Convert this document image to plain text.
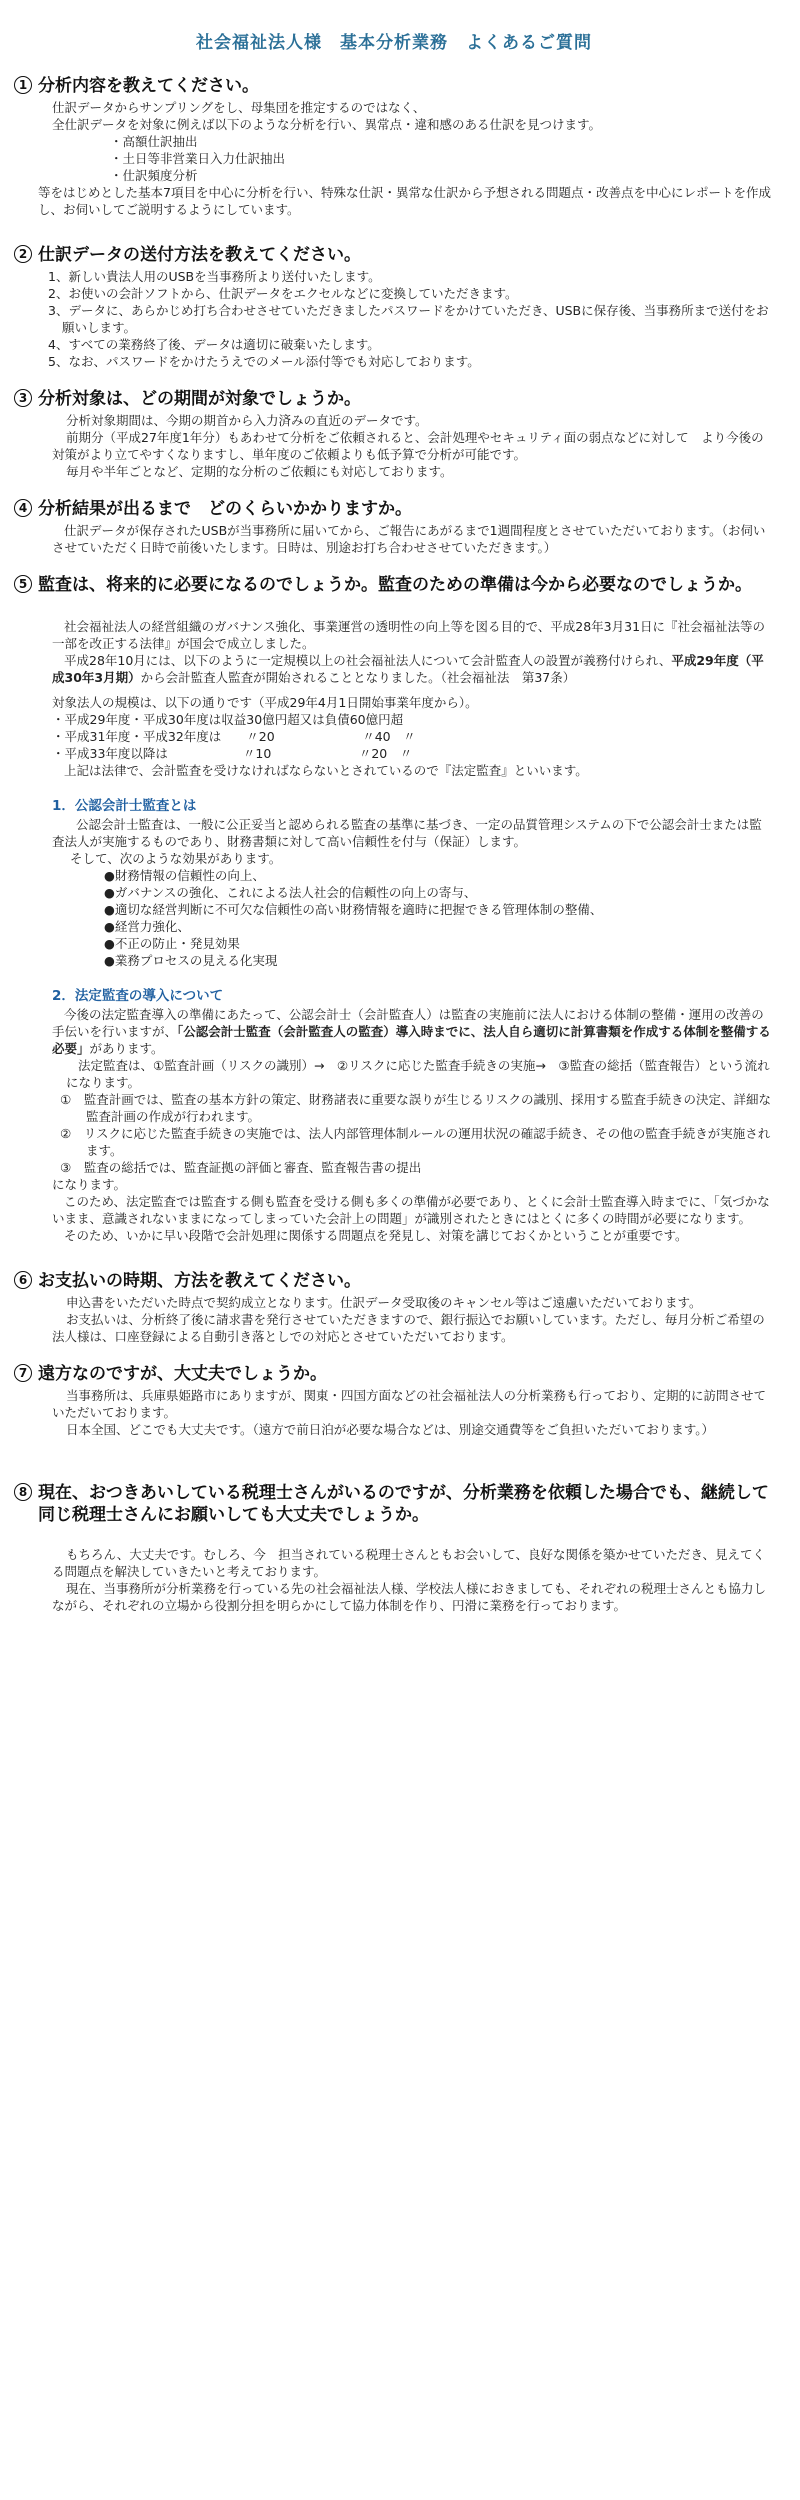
社会福祉法人様　基本分析業務　よくあるご質問
1 分析内容を教えてください。

仕訳データからサンプリングをし、母集団を推定するのではなく、

全仕訳データを対象に例えば以下のような分析を行い、異常点・違和感のある仕訳を見つけます。

・高額仕訳抽出
・土日等非営業日入力仕訳抽出
・仕訳頻度分析

等をはじめとした基本7項目を中心に分析を行い、特殊な仕訳・異常な仕訳から予想される問題点・改善点を中心にレポートを作成し、お伺いしてご説明するようにしています。

2 仕訳データの送付方法を教えてください。

1、新しい貴法人用のUSBを当事務所より送付いたします。

2、お使いの会計ソフトから、仕訳データをエクセルなどに変換していただきます。

3、データに、あらかじめ打ち合わせさせていただきましたパスワードをかけていただき、USBに保存後、当事務所まで送付をお願いします。

4、すべての業務終了後、データは適切に破棄いたします。

5、なお、パスワードをかけたうえでのメール添付等でも対応しております。

3 分析対象は、どの期間が対象でしょうか。

分析対象期間は、今期の期首から入力済みの直近のデータです。

前期分（平成27年度1年分）もあわせて分析をご依頼されると、会計処理やセキュリティ面の弱点などに対して　より今後の対策がより立てやすくなりますし、単年度のご依頼よりも低予算で分析が可能です。

毎月や半年ごとなど、定期的な分析のご依頼にも対応しております。

4 分析結果が出るまで　どのくらいかかりますか。

仕訳データが保存されたUSBが当事務所に届いてから、ご報告にあがるまで1週間程度とさせていただいております。（お伺いさせていただく日時で前後いたします。日時は、別途お打ち合わせさせていただきます。）

5 監査は、将来的に必要になるのでしょうか。監査のための準備は今から必要なのでしょうか。

社会福祉法人の経営組織のガバナンス強化、事業運営の透明性の向上等を図る目的で、平成28年3月31日に『社会福祉法等の一部を改正する法律』が国会で成立しました。

平成28年10月には、以下のように一定規模以上の社会福祉法人について会計監査人の設置が義務付けられ、平成29年度（平成30年3月期）から会計監査人監査が開始されることとなりました。（社会福祉法　第37条）

対象法人の規模は、以下の通りです（平成29年4月1日開始事業年度から）。

・平成29年度・平成30年度は収益30億円超又は負債60億円超

・平成31年度・平成32年度は　　〃20　　　　　　　〃40　〃

・平成33年度以降は　　　　　　〃10　　　　　　　〃20　〃

上記は法律で、会計監査を受けなければならないとされているので『法定監査』といいます。

1．公認会計士監査とは

公認会計士監査は、一般に公正妥当と認められる監査の基準に基づき、一定の品質管理システムの下で公認会計士または監査法人が実施するものであり、財務書類に対して高い信頼性を付与（保証）します。

そして、次のような効果があります。

●財務情報の信頼性の向上、
●ガバナンスの強化、これによる法人社会的信頼性の向上の寄与、
●適切な経営判断に不可欠な信頼性の高い財務情報を適時に把握できる管理体制の整備、
●経営力強化、
●不正の防止・発見効果
●業務プロセスの見える化実現
2．法定監査の導入について

今後の法定監査導入の準備にあたって、公認会計士（会計監査人）は監査の実施前に法人における体制の整備・運用の改善の手伝いを行いますが、「公認会計士監査（会計監査人の監査）導入時までに、法人自ら適切に計算書類を作成する体制を整備する必要」があります。

法定監査は、①監査計画（リスクの識別）→　②リスクに応じた監査手続きの実施→　③監査の総括（監査報告）という流れになります。

①　監査計画では、監査の基本方針の策定、財務諸表に重要な誤りが生じるリスクの識別、採用する監査手続きの決定、詳細な監査計画の作成が行われます。

②　リスクに応じた監査手続きの実施では、法人内部管理体制ルールの運用状況の確認手続き、その他の監査手続きが実施されます。

③　監査の総括では、監査証拠の評価と審査、監査報告書の提出

になります。

このため、法定監査では監査する側も監査を受ける側も多くの準備が必要であり、とくに会計士監査導入時までに、「気づかないまま、意識されないままになってしまっていた会計上の問題」が識別されたときにはとくに多くの時間が必要になります。

そのため、いかに早い段階で会計処理に関係する問題点を発見し、対策を講じておくかということが重要です。

6 お支払いの時期、方法を教えてください。

申込書をいただいた時点で契約成立となります。仕訳データ受取後のキャンセル等はご遠慮いただいております。

お支払いは、分析終了後に請求書を発行させていただきますので、銀行振込でお願いしています。ただし、毎月分析ご希望の法人様は、口座登録による自動引き落としでの対応とさせていただいております。

7 遠方なのですが、大丈夫でしょうか。

当事務所は、兵庫県姫路市にありますが、関東・四国方面などの社会福祉法人の分析業務も行っており、定期的に訪問させていただいております。

日本全国、どこでも大丈夫です。（遠方で前日泊が必要な場合などは、別途交通費等をご負担いただいております。）

8 現在、おつきあいしている税理士さんがいるのですが、分析業務を依頼した場合でも、継続して同じ税理士さんにお願いしても大丈夫でしょうか。

もちろん、大丈夫です。むしろ、今　担当されている税理士さんともお会いして、良好な関係を築かせていただき、見えてくる問題点を解決していきたいと考えております。

現在、当事務所が分析業務を行っている先の社会福祉法人様、学校法人様におきましても、それぞれの税理士さんとも協力しながら、それぞれの立場から役割分担を明らかにして協力体制を作り、円滑に業務を行っております。
